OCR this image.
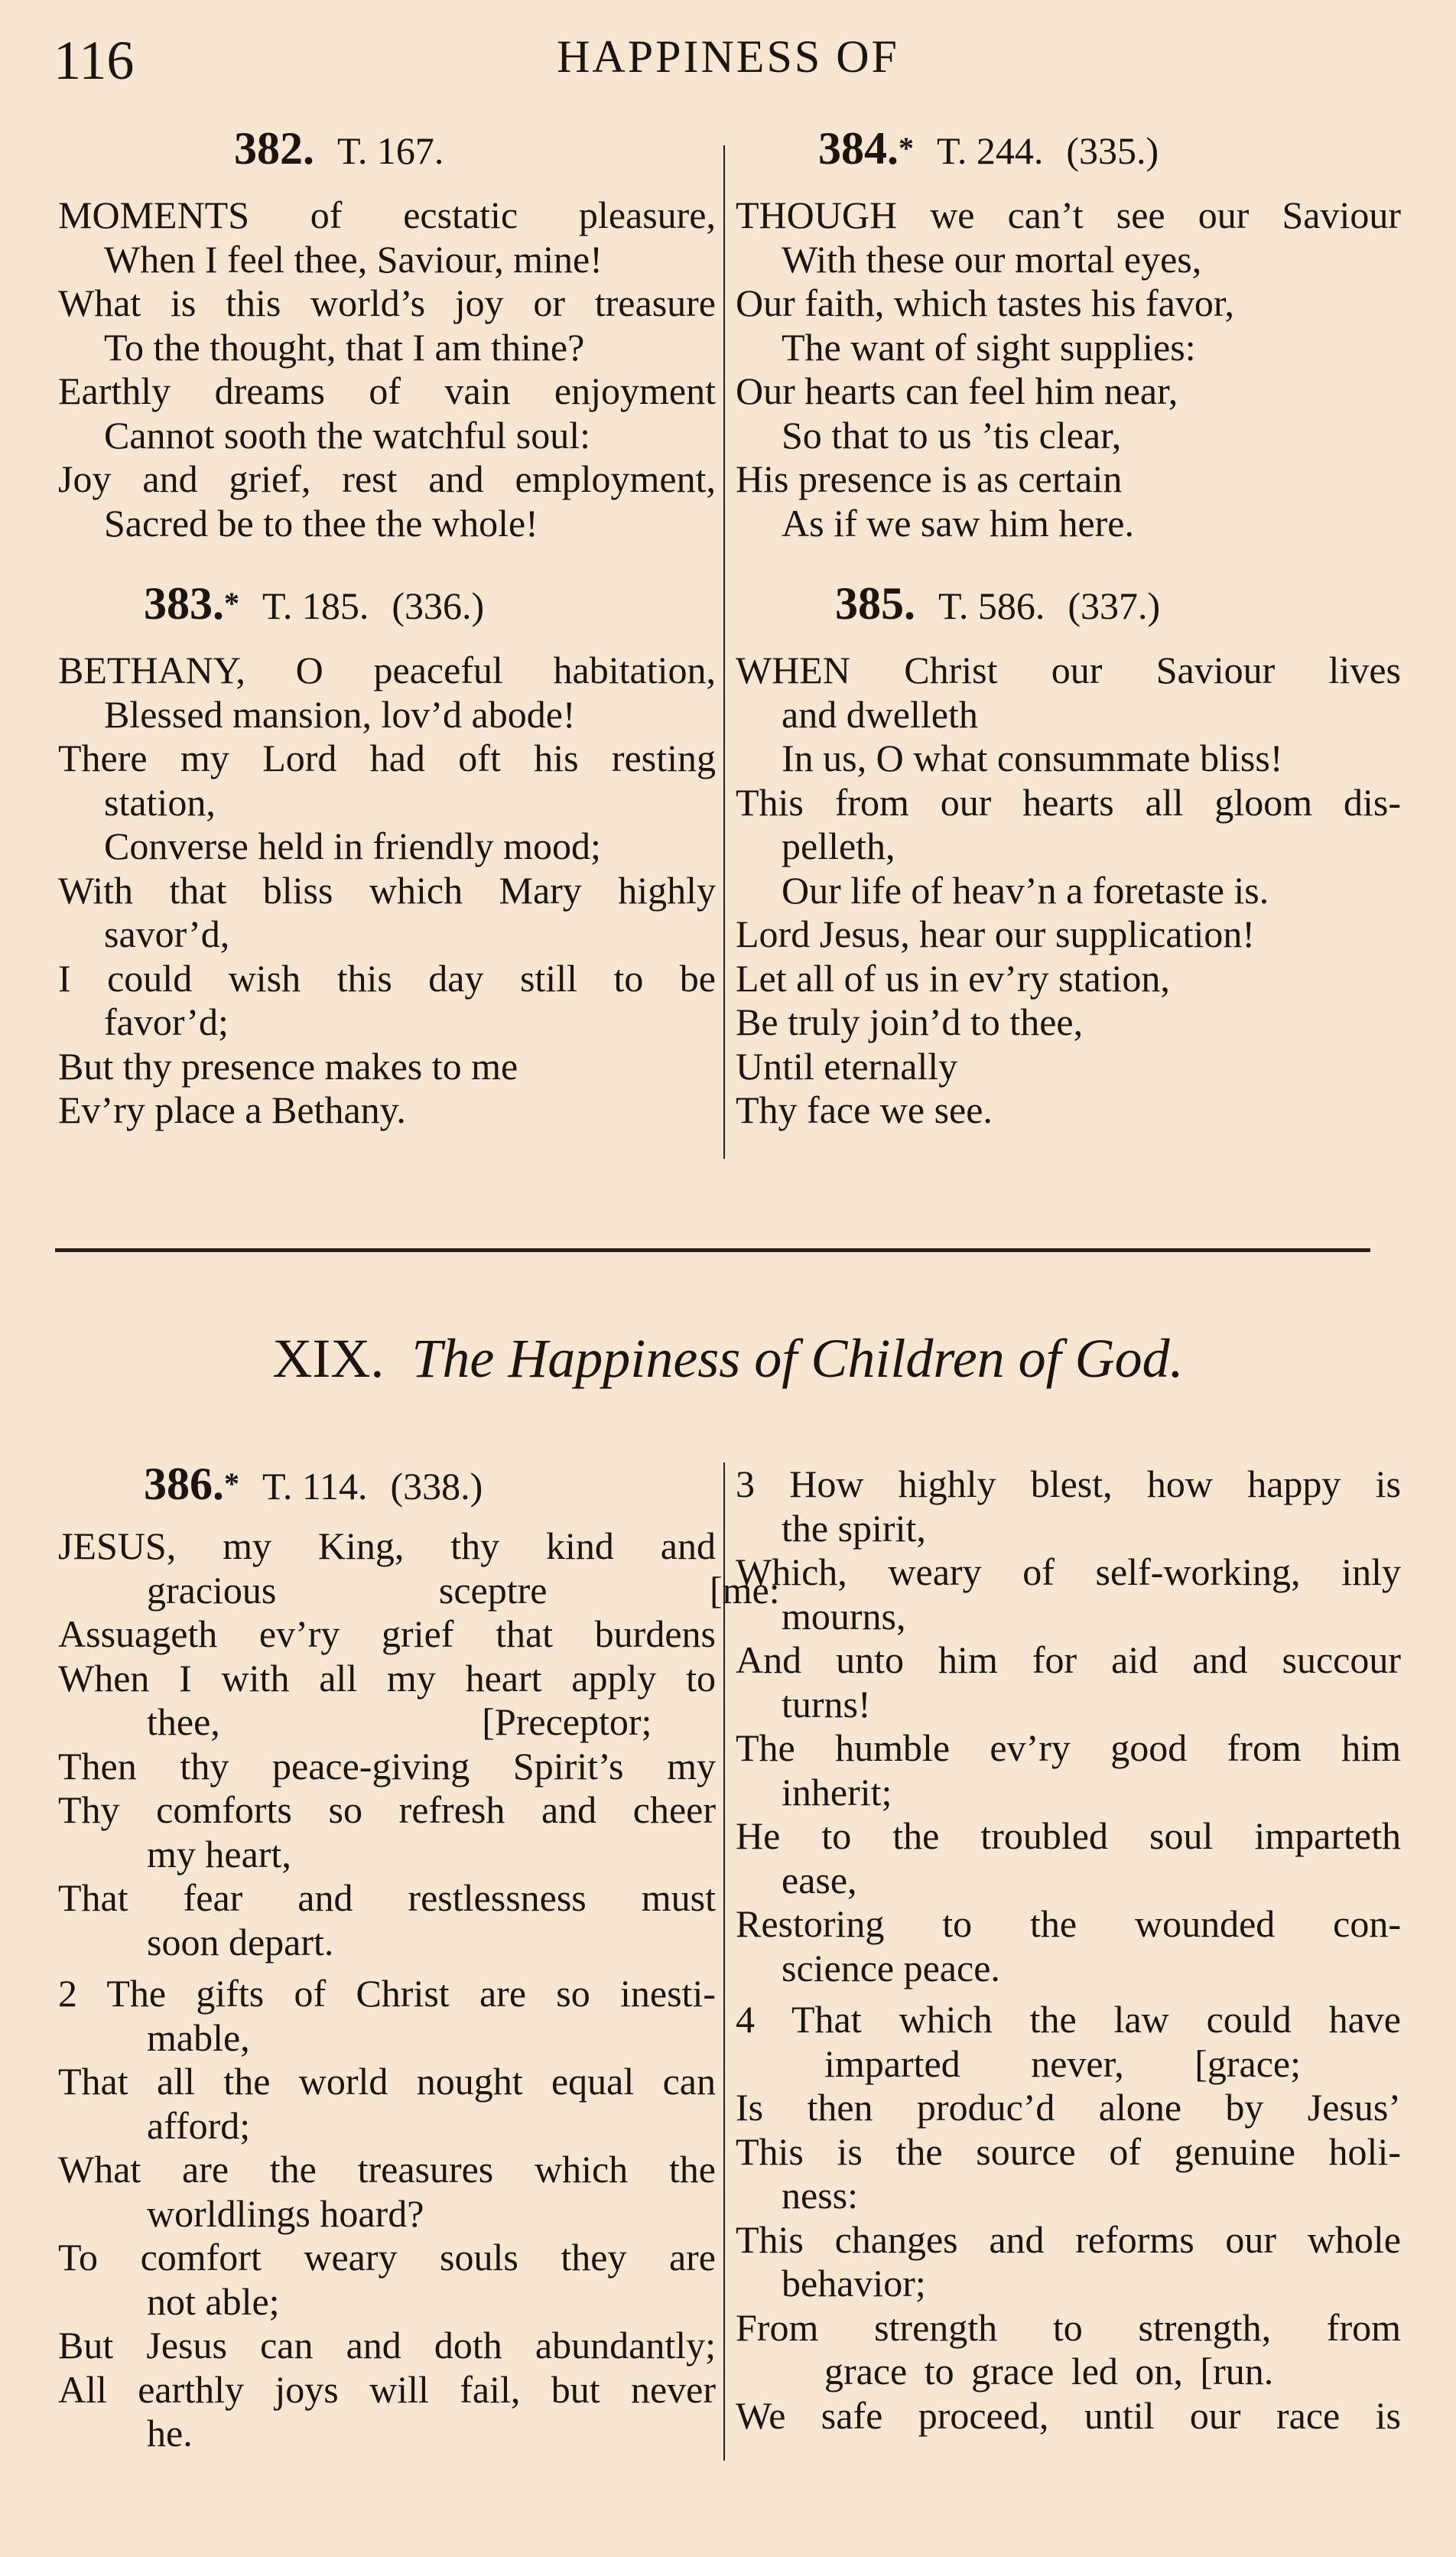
116	HAPPINESS OF
382. T. 167.
MOMENTS of ecstatic pleasure,
When I feel thee, Saviour, mine!
What is this world’s joy or treasure
To the thought, that I am thine?
Earthly dreams of vain enjoyment
Cannot sooth the watchful soul:
Joy and grief, rest and employment,
Sacred be to thee the whole!
383.* T. 185. (336.)
BETHANY, O peaceful habitation,
Blessed mansion, lov’d abode!
There my Lord had oft his resting
station,
Converse held in friendly mood;
With that bliss which Mary highly
savor’d,
I could wish this day still to be
favor’d;
But thy presence makes to me
Ev’ry place a Bethany.
384.* T. 244. (335.)
THOUGH we can’t see our Saviour
With these our mortal eyes,
Our faith, which tastes his favor,
The want of sight supplies:
Our hearts can feel him near,
So that to us ’tis clear,
His presence is as certain
As if we saw him here.
385. T. 586. (337.)
WHEN Christ our Saviour lives
and dwelleth
In us, O what consummate bliss!
This from our hearts all gloom dis-
pelleth,
Our life of heav’n a foretaste is.
Lord Jesus, hear our supplication!
Let all of us in ev’ry station,
Be truly join’d to thee,
Until eternally
Thy face we see.
XIX. The Happiness of Children of God.
386.* T. 114. (338.)
JESUS, my King, thy kind and
gracious sceptre [me:
Assuageth ev’ry grief that burdens
When I with all my heart apply to
thee, [Preceptor;
Then thy peace-giving Spirit’s my
Thy comforts so refresh and cheer
my heart,
That fear and restlessness must
soon depart.
2 The gifts of Christ are so inesti-
mable,
That all the world nought equal can
afford;
What are the treasures which the
worldlings hoard?
To comfort weary souls they are
not able;
But Jesus can and doth abundantly;
All earthly joys will fail, but never
he.
3 How highly blest, how happy is
the spirit,
Which, weary of self-working, inly
mourns,
And unto him for aid and succour
turns!
The humble ev’ry good from him
inherit;
He to the troubled soul imparteth
ease,
Restoring to the wounded con-
science peace.
4 That which the law could have
imparted never, [grace;
Is then produc’d alone by Jesus’
This is the source of genuine holi-
ness:
This changes and reforms our whole
behavior;
From strength to strength, from
grace to grace led on, [run.
We safe proceed, until our race is
